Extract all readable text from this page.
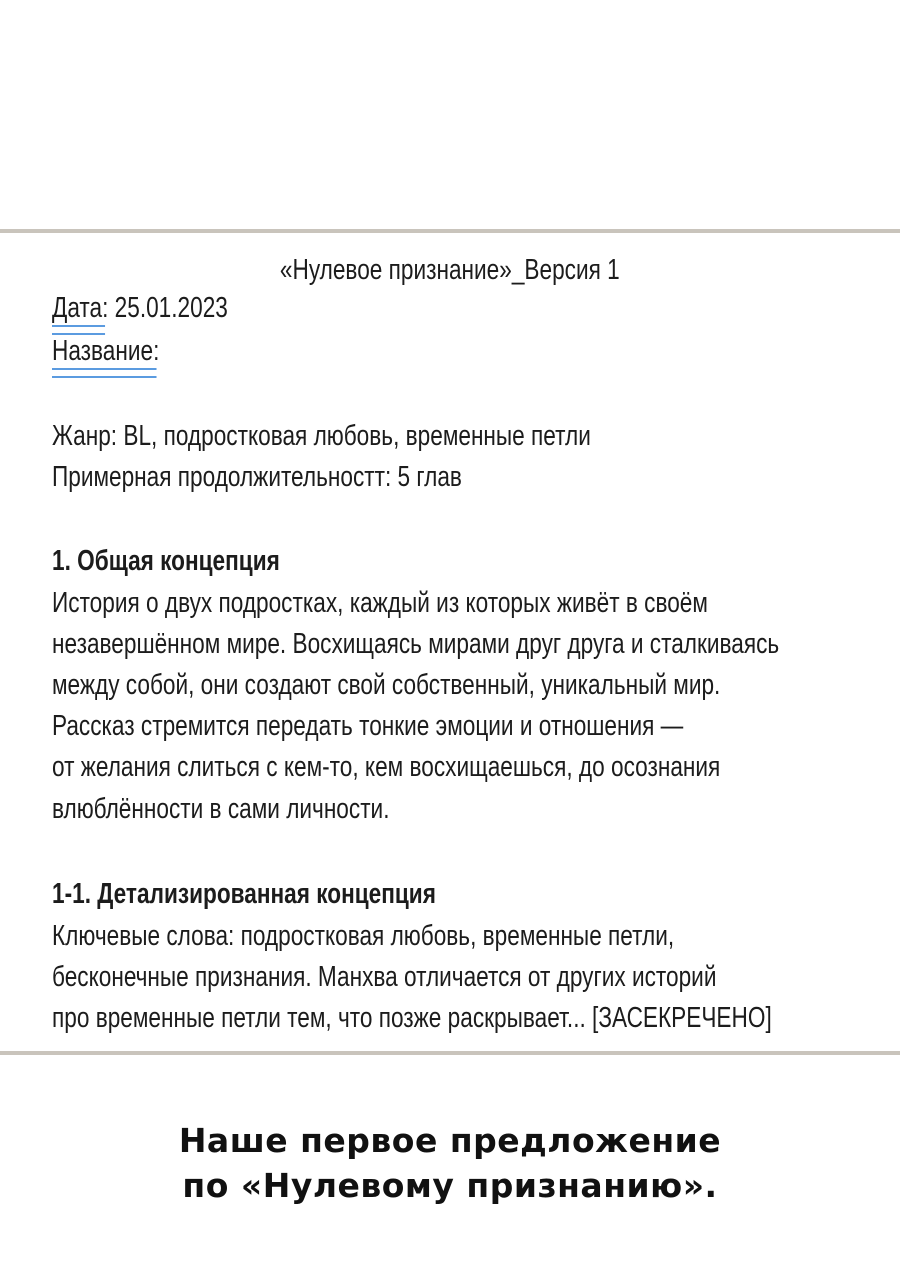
«Нулевое признание»_Версия 1
Дата: 25.01.2023
Название:
Жанр: BL, подростковая любовь, временные петли
Примерная продолжительностт: 5 глав
1. Общая концепция
История о двух подростках, каждый из которых живёт в своём
незавершённом мире. Восхищаясь мирами друг друга и сталкиваясь
между собой, они создают свой собственный, уникальный мир.
Рассказ стремится передать тонкие эмоции и отношения —
от желания слиться с кем-то, кем восхищаешься, до осознания
влюблённости в сами личности.
1-1. Детализированная концепция
Ключевые слова: подростковая любовь, временные петли,
бесконечные признания. Манхва отличается от других историй
про временные петли тем, что позже раскрывает... [ЗАСЕКРЕЧЕНО]
Наше первое предложение
по «Нулевому признанию».
